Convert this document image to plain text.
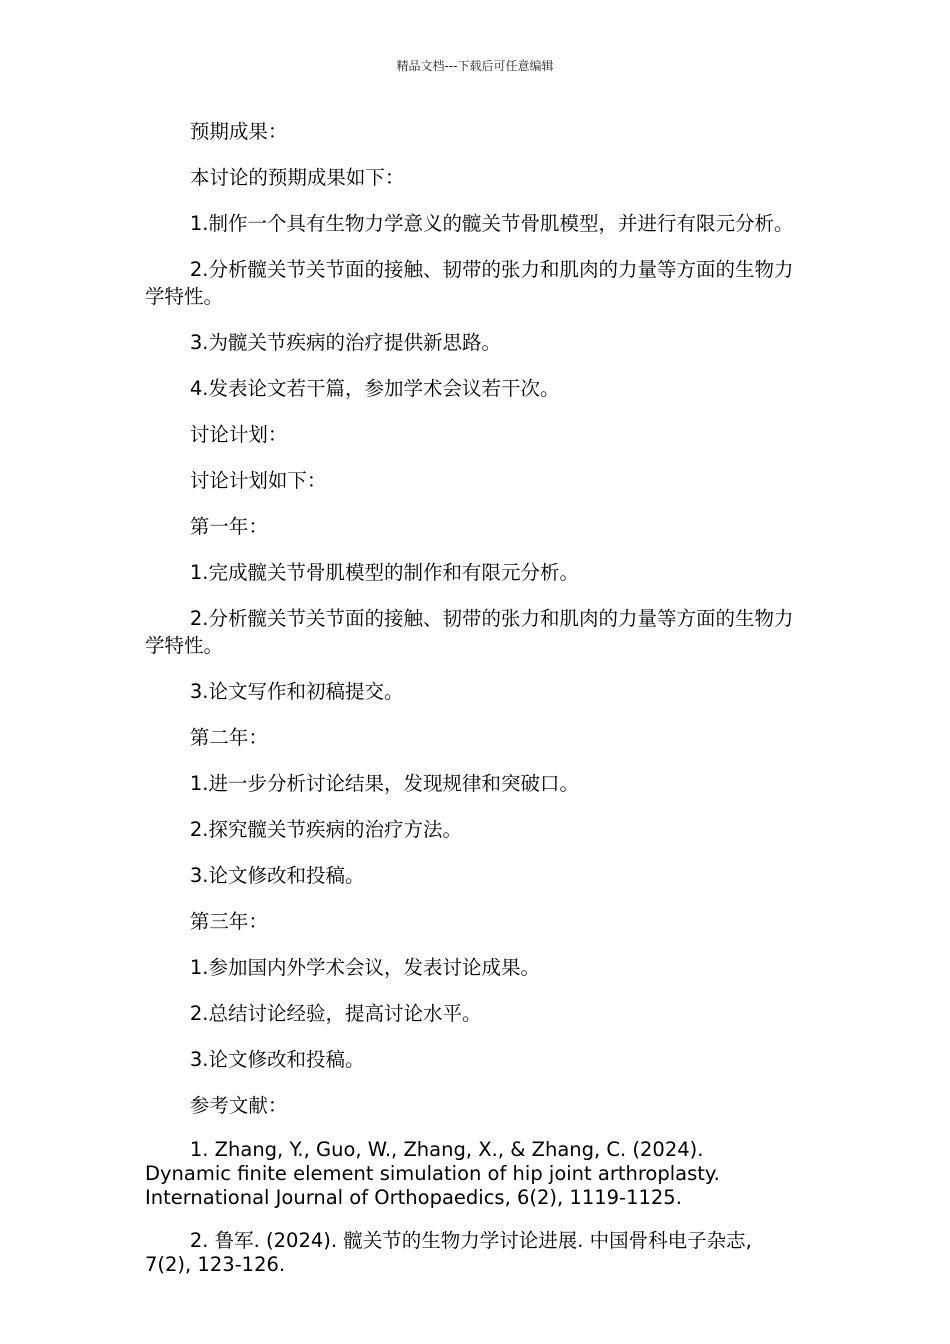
精品文档---下载后可任意编辑

预期成果：

本讨论的预期成果如下：

1.制作一个具有生物力学意义的髋关节骨肌模型，并进行有限元分析。

2.分析髋关节关节面的接触、韧带的张力和肌肉的力量等方面的生物力学特性。

3.为髋关节疾病的治疗提供新思路。

4.发表论文若干篇，参加学术会议若干次。

讨论计划：

讨论计划如下：

第一年：

1.完成髋关节骨肌模型的制作和有限元分析。

2.分析髋关节关节面的接触、韧带的张力和肌肉的力量等方面的生物力学特性。

3.论文写作和初稿提交。

第二年：

1.进一步分析讨论结果，发现规律和突破口。

2.探究髋关节疾病的治疗方法。

3.论文修改和投稿。

第三年：

1.参加国内外学术会议，发表讨论成果。

2.总结讨论经验，提高讨论水平。

3.论文修改和投稿。

参考文献：

1. Zhang, Y., Guo, W., Zhang, X., & Zhang, C. (2024). Dynamic finite element simulation of hip joint arthroplasty. International Journal of Orthopaedics, 6(2), 1119-1125.

2. 鲁军. (2024). 髋关节的生物力学讨论进展. 中国骨科电子杂志, 7(2), 123-126.
